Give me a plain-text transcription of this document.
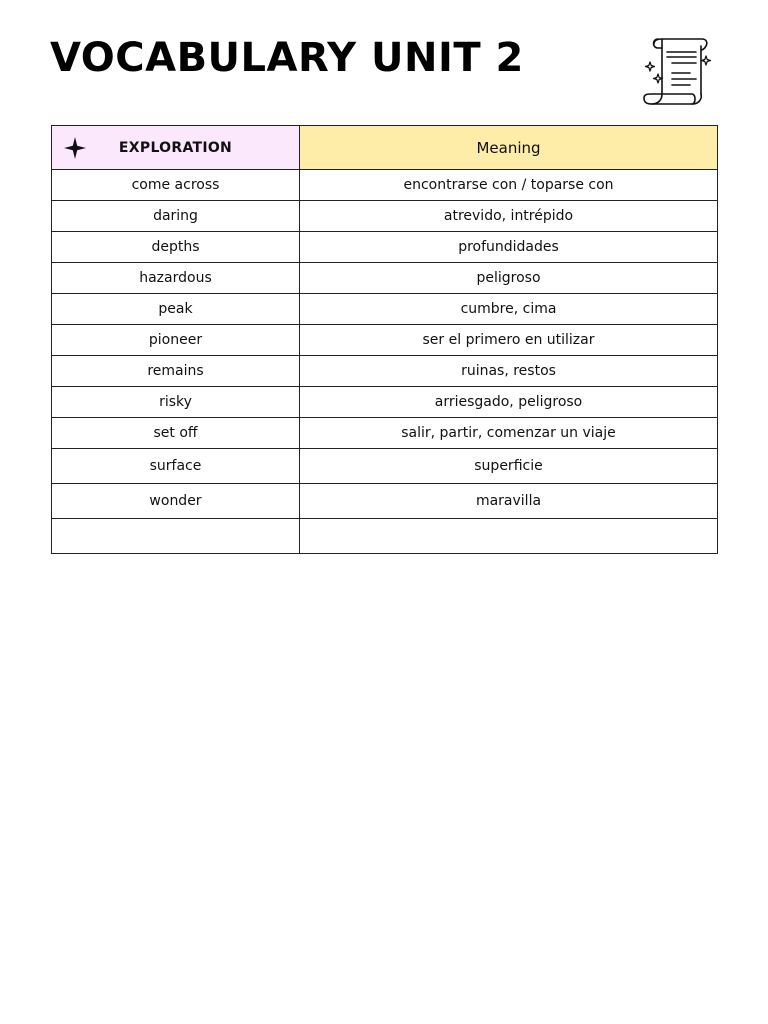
VOCABULARY UNIT 2
EXPLORATION	Meaning
come across	encontrarse con / toparse con
daring	atrevido, intrépido
depths	profundidades
hazardous	peligroso
peak	cumbre, cima
pioneer	ser el primero en utilizar
remains	ruinas, restos
risky	arriesgado, peligroso
set off	salir, partir, comenzar un viaje
surface	superficie
wonder	maravilla
